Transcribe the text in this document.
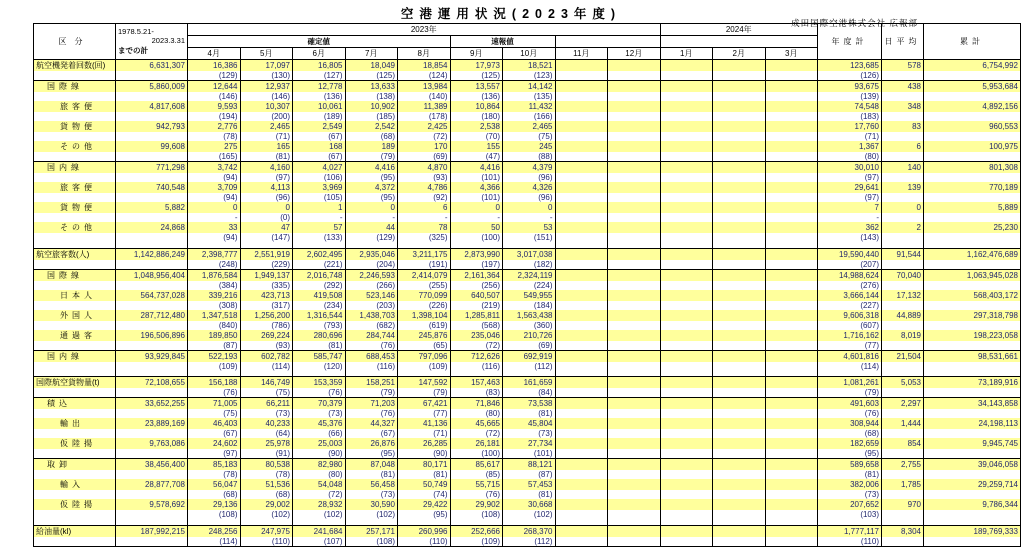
空港運用状況(2023年度)
成田国際空港株式会社 広報部
区分	1978.5.21-
2023.3.31
までの計	2023年									2024年			年度計	日平均	累計
		確定値					速報値									
		4月	5月	6月	7月	8月	9月	10月	11月	12月	1月	2月	3月			
航空機発着回数(回)	6,631,307	16,386	17,097	16,805	18,049	18,854	17,973	18,521						123,685	578	6,754,992
		(129)	(130)	(127)	(125)	(124)	(125)	(123)						(126)		
国際線	5,860,009	12,644	12,937	12,778	13,633	13,984	13,557	14,142						93,675	438	5,953,684
		(146)	(146)	(136)	(138)	(140)	(136)	(135)						(139)		
旅客便	4,817,608	9,593	10,307	10,061	10,902	11,389	10,864	11,432						74,548	348	4,892,156
		(194)	(200)	(189)	(185)	(178)	(180)	(166)						(183)		
貨物便	942,793	2,776	2,465	2,549	2,542	2,425	2,538	2,465						17,760	83	960,553
		(78)	(71)	(67)	(68)	(72)	(70)	(75)						(71)		
その他	99,608	275	165	168	189	170	155	245						1,367	6	100,975
		(165)	(81)	(67)	(79)	(69)	(47)	(88)						(80)		
国内線	771,298	3,742	4,160	4,027	4,416	4,870	4,416	4,379						30,010	140	801,308
		(94)	(97)	(106)	(95)	(93)	(101)	(96)						(97)		
旅客便	740,548	3,709	4,113	3,969	4,372	4,786	4,366	4,326						29,641	139	770,189
		(94)	(96)	(105)	(95)	(92)	(101)	(96)						(97)		
貨物便	5,882	0	0	1	0	6	0	0						7	0	5,889
		-	(0)	-	-	-	-	-						-		
その他	24,868	33	47	57	44	78	50	53						362	2	25,230
		(94)	(147)	(133)	(129)	(325)	(100)	(151)						(143)		

航空旅客数(人)	1,142,886,249	2,398,777	2,551,919	2,602,495	2,935,046	3,211,175	2,873,990	3,017,038						19,590,440	91,544	1,162,476,689
		(248)	(229)	(221)	(204)	(191)	(197)	(182)						(207)		
国際線	1,048,956,404	1,876,584	1,949,137	2,016,748	2,246,593	2,414,079	2,161,364	2,324,119						14,988,624	70,040	1,063,945,028
		(384)	(335)	(292)	(266)	(255)	(256)	(224)						(276)		
日本人	564,737,028	339,216	423,713	419,508	523,146	770,099	640,507	549,955						3,666,144	17,132	568,403,172
		(308)	(317)	(234)	(203)	(226)	(219)	(184)						(227)		
外国人	287,712,480	1,347,518	1,256,200	1,316,544	1,438,703	1,398,104	1,285,811	1,563,438						9,606,318	44,889	297,318,798
		(840)	(786)	(793)	(682)	(619)	(568)	(360)						(607)		
通過客	196,506,896	189,850	269,224	280,696	284,744	245,876	235,046	210,726						1,716,162	8,019	198,223,058
		(87)	(93)	(81)	(76)	(65)	(72)	(69)						(77)		
国内線	93,929,845	522,193	602,782	585,747	688,453	797,096	712,626	692,919						4,601,816	21,504	98,531,661
		(109)	(114)	(120)	(116)	(109)	(116)	(112)						(114)		

国際航空貨物量(t)	72,108,655	156,188	146,749	153,359	158,251	147,592	157,463	161,659						1,081,261	5,053	73,189,916
		(76)	(75)	(76)	(79)	(79)	(83)	(84)						(79)		
積込	33,652,255	71,005	66,211	70,379	71,203	67,421	71,846	73,538						491,603	2,297	34,143,858
		(75)	(73)	(73)	(76)	(77)	(80)	(81)						(76)		
輸出	23,889,169	46,403	40,233	45,376	44,327	41,136	45,665	45,804						308,944	1,444	24,198,113
		(67)	(64)	(66)	(67)	(71)	(72)	(73)						(68)		
仮陸揚	9,763,086	24,602	25,978	25,003	26,876	26,285	26,181	27,734						182,659	854	9,945,745
		(97)	(91)	(90)	(95)	(90)	(100)	(101)						(95)		
取卸	38,456,400	85,183	80,538	82,980	87,048	80,171	85,617	88,121						589,658	2,755	39,046,058
		(78)	(78)	(80)	(81)	(81)	(85)	(87)						(81)		
輸入	28,877,708	56,047	51,536	54,048	56,458	50,749	55,715	57,453						382,006	1,785	29,259,714
		(68)	(68)	(72)	(73)	(74)	(76)	(81)						(73)		
仮陸揚	9,578,692	29,136	29,002	28,932	30,590	29,422	29,902	30,668						207,652	970	9,786,344
		(108)	(102)	(102)	(102)	(95)	(108)	(102)						(103)		

給油量(kl)	187,992,215	248,256	247,975	241,684	257,171	260,996	252,666	268,370						1,777,117	8,304	189,769,333
		(114)	(110)	(107)	(108)	(110)	(109)	(112)						(110)		
